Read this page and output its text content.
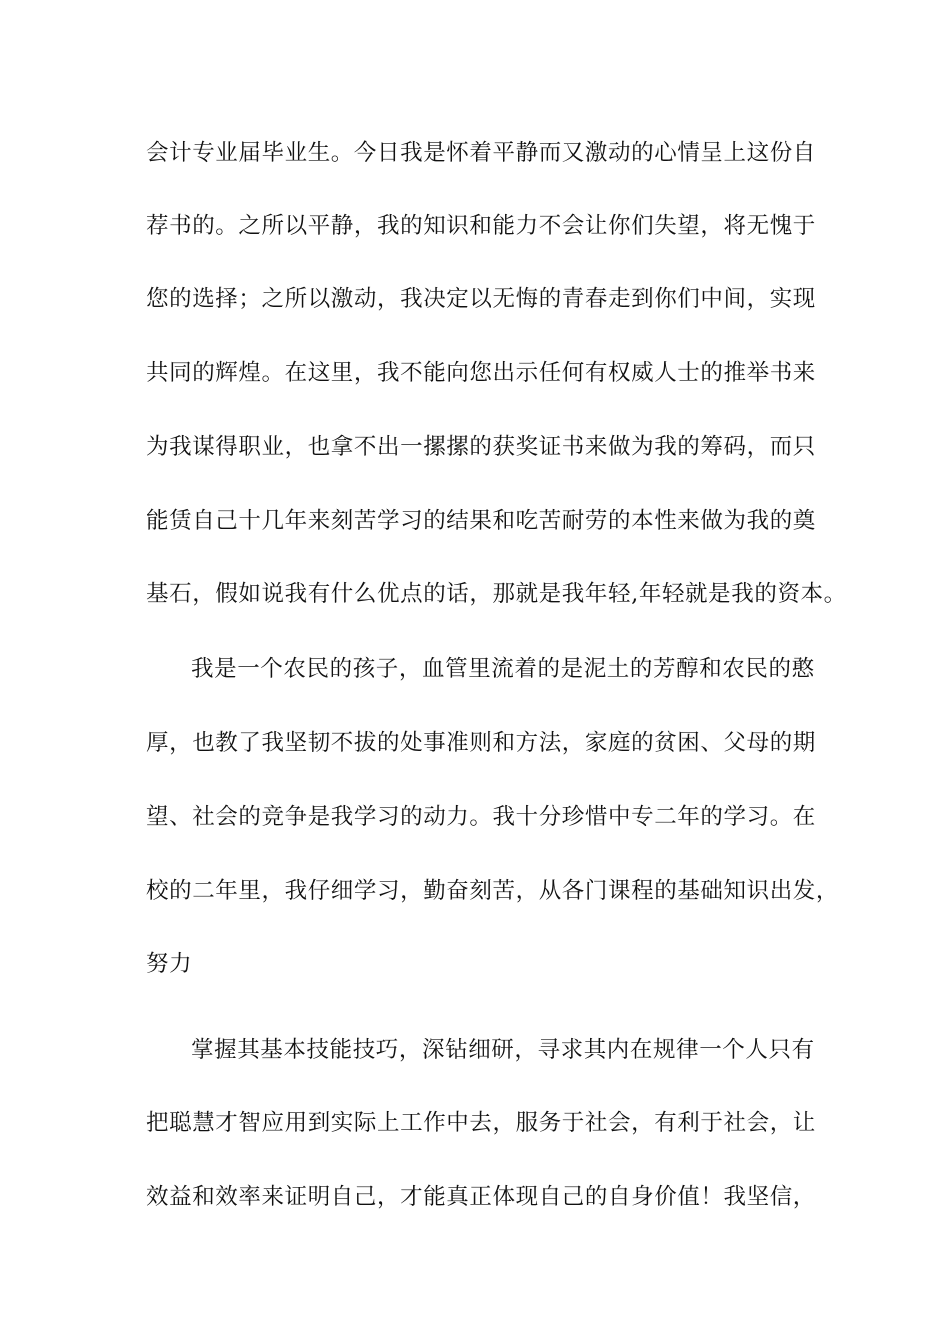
会计专业届毕业生。今日我是怀着平静而又激动的心情呈上这份自
荐书的。之所以平静，我的知识和能力不会让你们失望，将无愧于
您的选择；之所以激动，我决定以无悔的青春走到你们中间，实现
共同的辉煌。在这里，我不能向您出示任何有权威人士的推举书来
为我谋得职业，也拿不出一摞摞的获奖证书来做为我的筹码，而只
能赁自己十几年来刻苦学习的结果和吃苦耐劳的本性来做为我的奠
基石，假如说我有什么优点的话，那就是我年轻,年轻就是我的资本。
我是一个农民的孩子，血管里流着的是泥土的芳醇和农民的憨
厚，也教了我坚韧不拔的处事准则和方法，家庭的贫困、父母的期
望、社会的竞争是我学习的动力。我十分珍惜中专二年的学习。在
校的二年里，我仔细学习，勤奋刻苦，从各门课程的基础知识出发，
努力
掌握其基本技能技巧，深钻细研，寻求其内在规律一个人只有
把聪慧才智应用到实际上工作中去，服务于社会，有利于社会，让
效益和效率来证明自己，才能真正体现自己的自身价值！我坚信，
